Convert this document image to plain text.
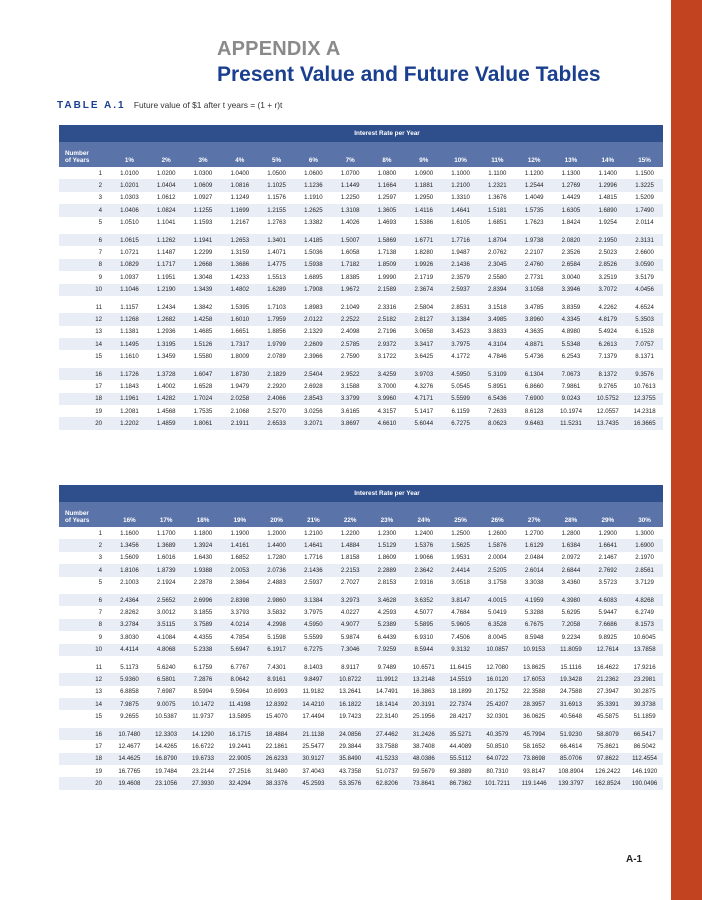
APPENDIX A
Present Value and Future Value Tables
TABLE A.1 Future value of $1 after t years = (1 + r)t
	Interest Rate per Year														
Number
of Years	1%	2%	3%	4%	5%	6%	7%	8%	9%	10%	11%	12%	13%	14%	15%
1	1.0100	1.0200	1.0300	1.0400	1.0500	1.0600	1.0700	1.0800	1.0900	1.1000	1.1100	1.1200	1.1300	1.1400	1.1500
2	1.0201	1.0404	1.0609	1.0816	1.1025	1.1236	1.1449	1.1664	1.1881	1.2100	1.2321	1.2544	1.2769	1.2996	1.3225
3	1.0303	1.0612	1.0927	1.1249	1.1576	1.1910	1.2250	1.2597	1.2950	1.3310	1.3676	1.4049	1.4429	1.4815	1.5209
4	1.0406	1.0824	1.1255	1.1699	1.2155	1.2625	1.3108	1.3605	1.4116	1.4641	1.5181	1.5735	1.6305	1.6890	1.7490
5	1.0510	1.1041	1.1593	1.2167	1.2763	1.3382	1.4026	1.4693	1.5386	1.6105	1.6851	1.7623	1.8424	1.9254	2.0114
6	1.0615	1.1262	1.1941	1.2653	1.3401	1.4185	1.5007	1.5869	1.6771	1.7716	1.8704	1.9738	2.0820	2.1950	2.3131
7	1.0721	1.1487	1.2299	1.3159	1.4071	1.5036	1.6058	1.7138	1.8280	1.9487	2.0762	2.2107	2.3526	2.5023	2.6600
8	1.0829	1.1717	1.2668	1.3686	1.4775	1.5938	1.7182	1.8509	1.9926	2.1436	2.3045	2.4760	2.6584	2.8526	3.0590
9	1.0937	1.1951	1.3048	1.4233	1.5513	1.6895	1.8385	1.9990	2.1719	2.3579	2.5580	2.7731	3.0040	3.2519	3.5179
10	1.1046	1.2190	1.3439	1.4802	1.6289	1.7908	1.9672	2.1589	2.3674	2.5937	2.8394	3.1058	3.3946	3.7072	4.0456
11	1.1157	1.2434	1.3842	1.5395	1.7103	1.8983	2.1049	2.3316	2.5804	2.8531	3.1518	3.4785	3.8359	4.2262	4.6524
12	1.1268	1.2682	1.4258	1.6010	1.7959	2.0122	2.2522	2.5182	2.8127	3.1384	3.4985	3.8960	4.3345	4.8179	5.3503
13	1.1381	1.2936	1.4685	1.6651	1.8856	2.1329	2.4098	2.7196	3.0658	3.4523	3.8833	4.3635	4.8980	5.4924	6.1528
14	1.1495	1.3195	1.5126	1.7317	1.9799	2.2609	2.5785	2.9372	3.3417	3.7975	4.3104	4.8871	5.5348	6.2613	7.0757
15	1.1610	1.3459	1.5580	1.8009	2.0789	2.3966	2.7590	3.1722	3.6425	4.1772	4.7846	5.4736	6.2543	7.1379	8.1371
16	1.1726	1.3728	1.6047	1.8730	2.1829	2.5404	2.9522	3.4259	3.9703	4.5950	5.3109	6.1304	7.0673	8.1372	9.3576
17	1.1843	1.4002	1.6528	1.9479	2.2920	2.6928	3.1588	3.7000	4.3276	5.0545	5.8951	6.8660	7.9861	9.2765	10.7613
18	1.1961	1.4282	1.7024	2.0258	2.4066	2.8543	3.3799	3.9960	4.7171	5.5599	6.5436	7.6900	9.0243	10.5752	12.3755
19	1.2081	1.4568	1.7535	2.1068	2.5270	3.0256	3.6165	4.3157	5.1417	6.1159	7.2633	8.6128	10.1974	12.0557	14.2318
20	1.2202	1.4859	1.8061	2.1911	2.6533	3.2071	3.8697	4.6610	5.6044	6.7275	8.0623	9.6463	11.5231	13.7435	16.3665
	Interest Rate per Year														
Number
of Years	16%	17%	18%	19%	20%	21%	22%	23%	24%	25%	26%	27%	28%	29%	30%
1	1.1600	1.1700	1.1800	1.1900	1.2000	1.2100	1.2200	1.2300	1.2400	1.2500	1.2600	1.2700	1.2800	1.2900	1.3000
2	1.3456	1.3689	1.3924	1.4161	1.4400	1.4641	1.4884	1.5129	1.5376	1.5625	1.5876	1.6129	1.6384	1.6641	1.6900
3	1.5609	1.6016	1.6430	1.6852	1.7280	1.7716	1.8158	1.8609	1.9066	1.9531	2.0004	2.0484	2.0972	2.1467	2.1970
4	1.8106	1.8739	1.9388	2.0053	2.0736	2.1436	2.2153	2.2889	2.3642	2.4414	2.5205	2.6014	2.6844	2.7692	2.8561
5	2.1003	2.1924	2.2878	2.3864	2.4883	2.5937	2.7027	2.8153	2.9316	3.0518	3.1758	3.3038	3.4360	3.5723	3.7129
6	2.4364	2.5652	2.6996	2.8398	2.9860	3.1384	3.2973	3.4628	3.6352	3.8147	4.0015	4.1959	4.3980	4.6083	4.8268
7	2.8262	3.0012	3.1855	3.3793	3.5832	3.7975	4.0227	4.2593	4.5077	4.7684	5.0419	5.3288	5.6295	5.9447	6.2749
8	3.2784	3.5115	3.7589	4.0214	4.2998	4.5950	4.9077	5.2389	5.5895	5.9605	6.3528	6.7675	7.2058	7.6686	8.1573
9	3.8030	4.1084	4.4355	4.7854	5.1598	5.5599	5.9874	6.4439	6.9310	7.4506	8.0045	8.5948	9.2234	9.8925	10.6045
10	4.4114	4.8068	5.2338	5.6947	6.1917	6.7275	7.3046	7.9259	8.5944	9.3132	10.0857	10.9153	11.8059	12.7614	13.7858
11	5.1173	5.6240	6.1759	6.7767	7.4301	8.1403	8.9117	9.7489	10.6571	11.6415	12.7080	13.8625	15.1116	16.4622	17.9216
12	5.9360	6.5801	7.2876	8.0642	8.9161	9.8497	10.8722	11.9912	13.2148	14.5519	16.0120	17.6053	19.3428	21.2362	23.2981
13	6.8858	7.6987	8.5994	9.5964	10.6993	11.9182	13.2641	14.7491	16.3863	18.1899	20.1752	22.3588	24.7588	27.3947	30.2875
14	7.9875	9.0075	10.1472	11.4198	12.8392	14.4210	16.1822	18.1414	20.3191	22.7374	25.4207	28.3957	31.6913	35.3391	39.3738
15	9.2655	10.5387	11.9737	13.5895	15.4070	17.4494	19.7423	22.3140	25.1956	28.4217	32.0301	36.0625	40.5648	45.5875	51.1859
16	10.7480	12.3303	14.1290	16.1715	18.4884	21.1138	24.0856	27.4462	31.2426	35.5271	40.3579	45.7994	51.9230	58.8079	66.5417
17	12.4677	14.4265	16.6722	19.2441	22.1861	25.5477	29.3844	33.7588	38.7408	44.4089	50.8510	58.1652	66.4614	75.8621	86.5042
18	14.4625	16.8790	19.6733	22.9005	26.6233	30.9127	35.8490	41.5233	48.0386	55.5112	64.0722	73.8698	85.0706	97.8622	112.4554
19	16.7765	19.7484	23.2144	27.2516	31.9480	37.4043	43.7358	51.0737	59.5679	69.3889	80.7310	93.8147	108.8904	126.2422	146.1920
20	19.4608	23.1056	27.3930	32.4294	38.3376	45.2593	53.3576	62.8206	73.8641	86.7362	101.7211	119.1446	139.3797	162.8524	190.0496
A-1
